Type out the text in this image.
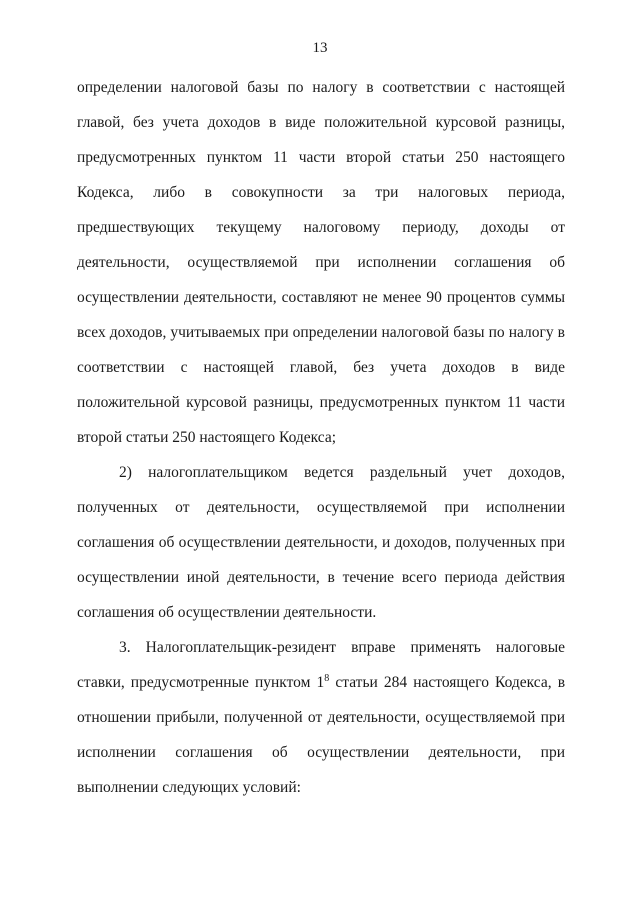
13

определении налоговой базы по налогу в соответствии с настоящей главой, без учета доходов в виде положительной курсовой разницы, предусмотренных пунктом 11 части второй статьи 250 настоящего Кодекса, либо в совокупности за три налоговых периода, предшествующих текущему налоговому периоду, доходы от деятельности, осуществляемой при исполнении соглашения об осуществлении деятельности, составляют не менее 90 процентов суммы всех доходов, учитываемых при определении налоговой базы по налогу в соответствии с настоящей главой, без учета доходов в виде положительной курсовой разницы, предусмотренных пунктом 11 части второй статьи 250 настоящего Кодекса;

2) налогоплательщиком ведется раздельный учет доходов, полученных от деятельности, осуществляемой при исполнении соглашения об осуществлении деятельности, и доходов, полученных при осуществлении иной деятельности, в течение всего периода действия соглашения об осуществлении деятельности.

3. Налогоплательщик-резидент вправе применять налоговые ставки, предусмотренные пунктом $1^8$ статьи 284 настоящего Кодекса, в отношении прибыли, полученной от деятельности, осуществляемой при исполнении соглашения об осуществлении деятельности, при выполнении следующих условий:
